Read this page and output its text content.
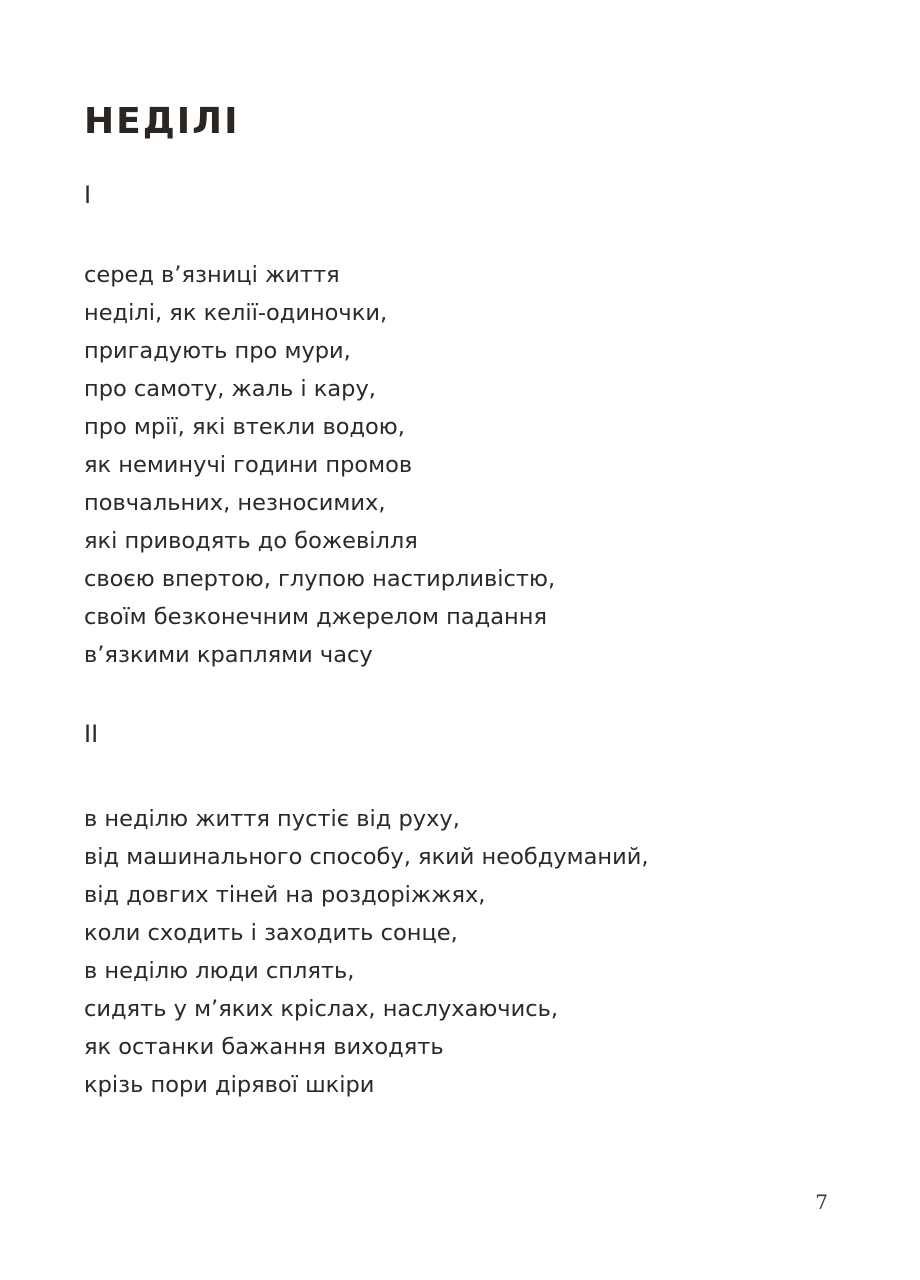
НЕДІЛІ
I
серед в’язниці життя
неділі, як келії-одиночки,
пригадують про мури,
про самоту, жаль і кару,
про мрії, які втекли водою,
як неминучі години промов
повчальних, незносимих,
які приводять до божевілля
своєю впертою, глупою настирливістю,
своїм безконечним джерелом падання
в’язкими краплями часу
II
в неділю життя пустіє від руху,
від машинального способу, який необдуманий,
від довгих тіней на роздоріжжях,
коли сходить і заходить сонце,
в неділю люди сплять,
сидять у м’яких кріслах, наслухаючись,
як останки бажання виходять
крізь пори дірявої шкіри
7
